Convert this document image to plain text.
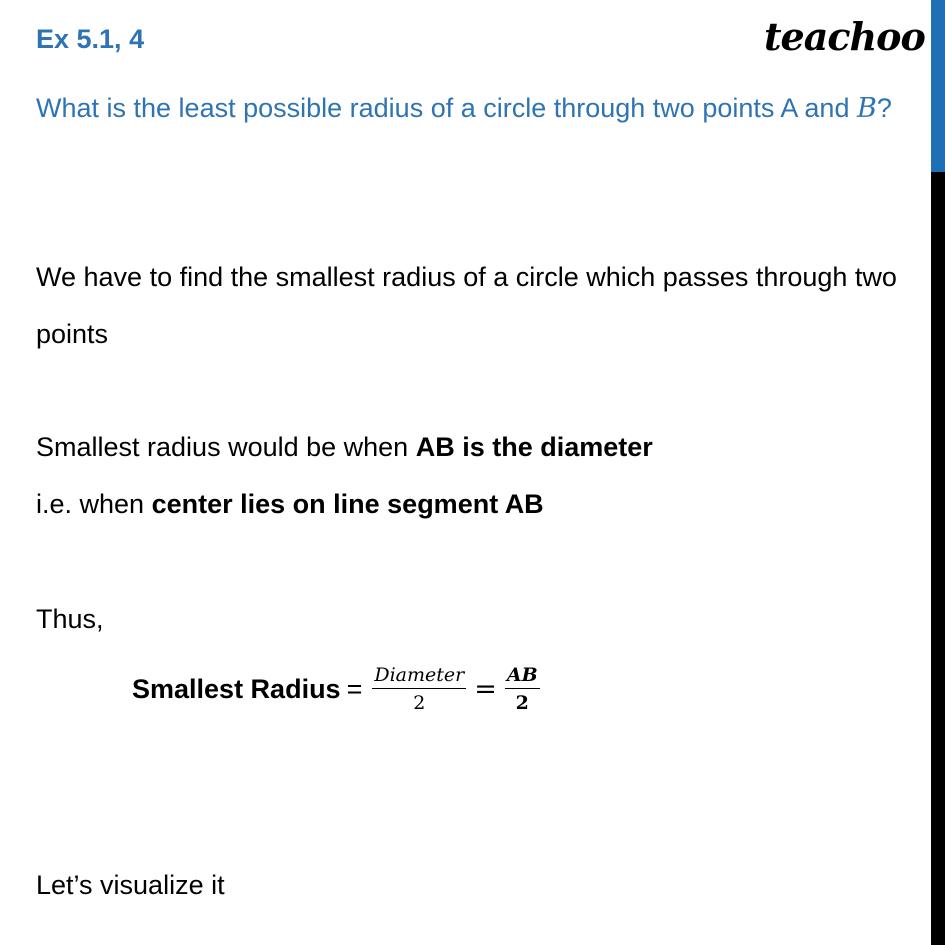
Ex 5.1, 4	teachoo
What is the least possible radius of a circle through two points A and B?
We have to find the smallest radius of a circle which passes through two points
Smallest radius would be when AB is the diameter
i.e. when center lies on line segment AB
Thus,
Smallest Radius = $\frac{\text{Diameter}}{2} = \frac{AB}{2}$
Let’s visualize it
